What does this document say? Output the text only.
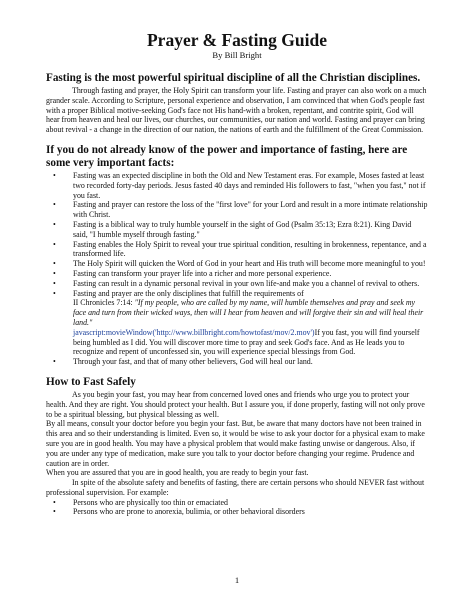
Prayer & Fasting Guide

By Bill Bright

Fasting is the most powerful spiritual discipline of all the Christian disciplines.

Through fasting and prayer, the Holy Spirit can transform your life. Fasting and prayer can also work on a much grander scale. According to Scripture, personal experience and observation, I am convinced that when God's people fast with a proper Biblical motive-seeking God's face not His hand-with a broken, repentant, and contrite spirit, God will hear from heaven and heal our lives, our churches, our communities, our nation and world. Fasting and prayer can bring about revival - a change in the direction of our nation, the nations of earth and the fulfillment of the Great Commission.

If you do not already know of the power and importance of fasting, here are some very important facts:
• Fasting was an expected discipline in both the Old and New Testament eras. For example, Moses fasted at least two recorded forty-day periods. Jesus fasted 40 days and reminded His followers to fast, "when you fast," not if you fast.
• Fasting and prayer can restore the loss of the "first love" for your Lord and result in a more intimate relationship with Christ.
• Fasting is a biblical way to truly humble yourself in the sight of God (Psalm 35:13; Ezra 8:21). King David said, "I humble myself through fasting."
• Fasting enables the Holy Spirit to reveal your true spiritual condition, resulting in brokenness, repentance, and a transformed life.
• The Holy Spirit will quicken the Word of God in your heart and His truth will become more meaningful to you!
• Fasting can transform your prayer life into a richer and more personal experience.
• Fasting can result in a dynamic personal revival in your own life-and make you a channel of revival to others.
• Fasting and prayer are the only disciplines that fulfill the requirements of
II Chronicles 7:14: "If my people, who are called by my name, will humble themselves and pray and seek my face and turn from their wicked ways, then will I hear from heaven and will forgive their sin and will heal their land."
javascript:movieWindow('http://www.billbright.com/howtofast/mov/2.mov')If you fast, you will find yourself being humbled as I did. You will discover more time to pray and seek God's face. And as He leads you to recognize and repent of unconfessed sin, you will experience special blessings from God.
• Through your fast, and that of many other believers, God will heal our land.
How to Fast Safely

As you begin your fast, you may hear from concerned loved ones and friends who urge you to protect your health. And they are right. You should protect your health. But I assure you, if done properly, fasting will not only prove to be a spiritual blessing, but physical blessing as well.

By all means, consult your doctor before you begin your fast. But, be aware that many doctors have not been trained in this area and so their understanding is limited. Even so, it would be wise to ask your doctor for a physical exam to make sure you are in good health. You may have a physical problem that would make fasting unwise or dangerous. Also, if you are under any type of medication, make sure you talk to your doctor before changing your regime. Prudence and caution are in order.

When you are assured that you are in good health, you are ready to begin your fast.

In spite of the absolute safety and benefits of fasting, there are certain persons who should NEVER fast without professional supervision. For example:

• Persons who are physically too thin or emaciated
• Persons who are prone to anorexia, bulimia, or other behavioral disorders
1
